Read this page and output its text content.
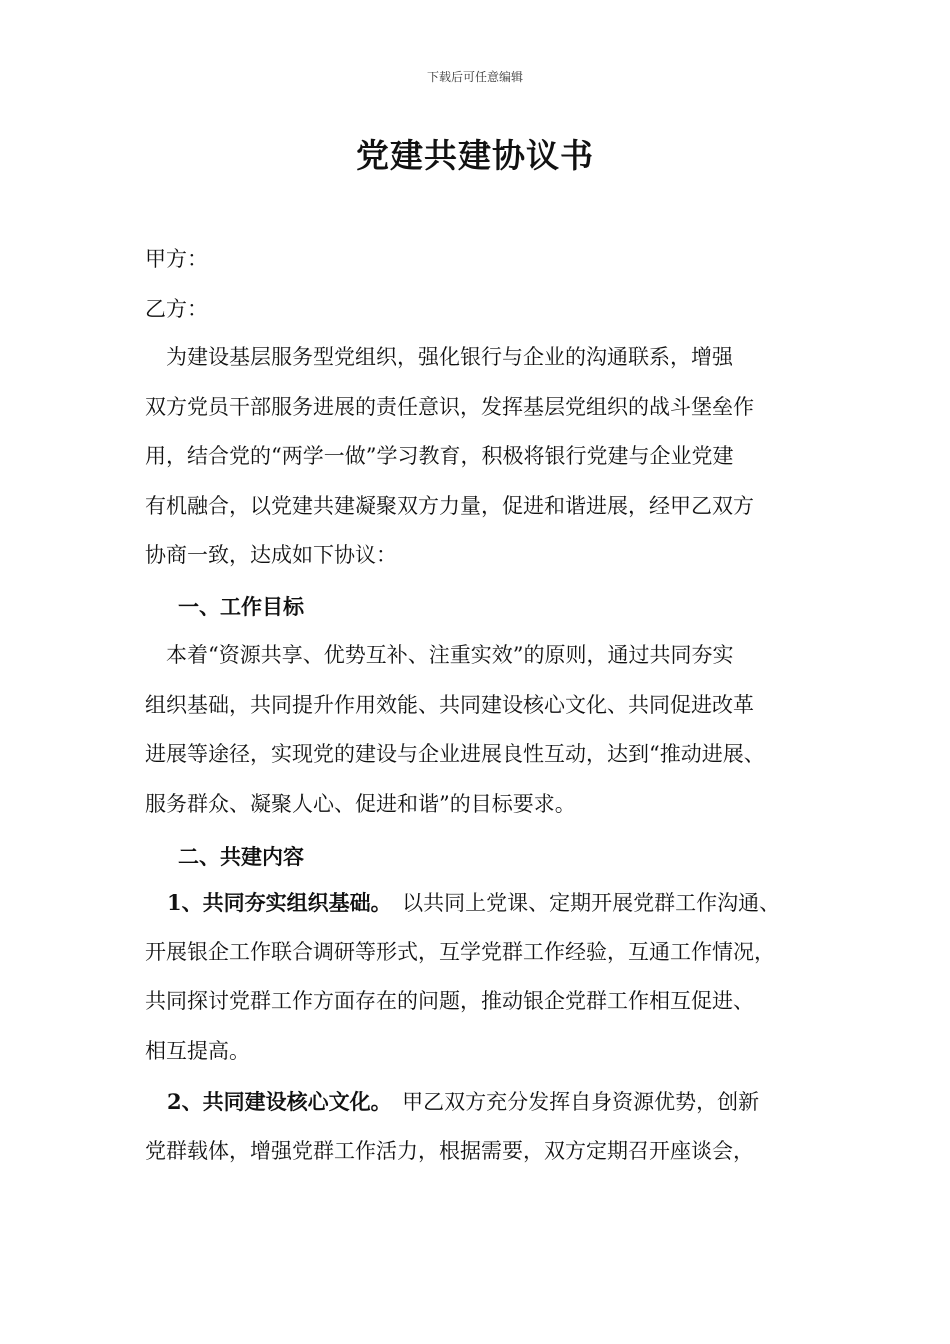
下载后可任意编辑
党建共建协议书
甲方：
乙方：
　为建设基层服务型党组织，强化银行与企业的沟通联系，增强
双方党员干部服务进展的责任意识，发挥基层党组织的战斗堡垒作
用，结合党的“两学一做”学习教育，积极将银行党建与企业党建
有机融合，以党建共建凝聚双方力量，促进和谐进展，经甲乙双方
协商一致，达成如下协议：
一、工作目标
　本着“资源共享、优势互补、注重实效”的原则，通过共同夯实
组织基础，共同提升作用效能、共同建设核心文化、共同促进改革
进展等途径，实现党的建设与企业进展良性互动，达到“推动进展、
服务群众、凝聚人心、促进和谐”的目标要求。
二、共建内容
1、共同夯实组织基础。　以共同上党课、定期开展党群工作沟通、
开展银企工作联合调研等形式，互学党群工作经验，互通工作情况，
共同探讨党群工作方面存在的问题，推动银企党群工作相互促进、
相互提高。
2、共同建设核心文化。　甲乙双方充分发挥自身资源优势，创新
党群载体，增强党群工作活力，根据需要，双方定期召开座谈会，
